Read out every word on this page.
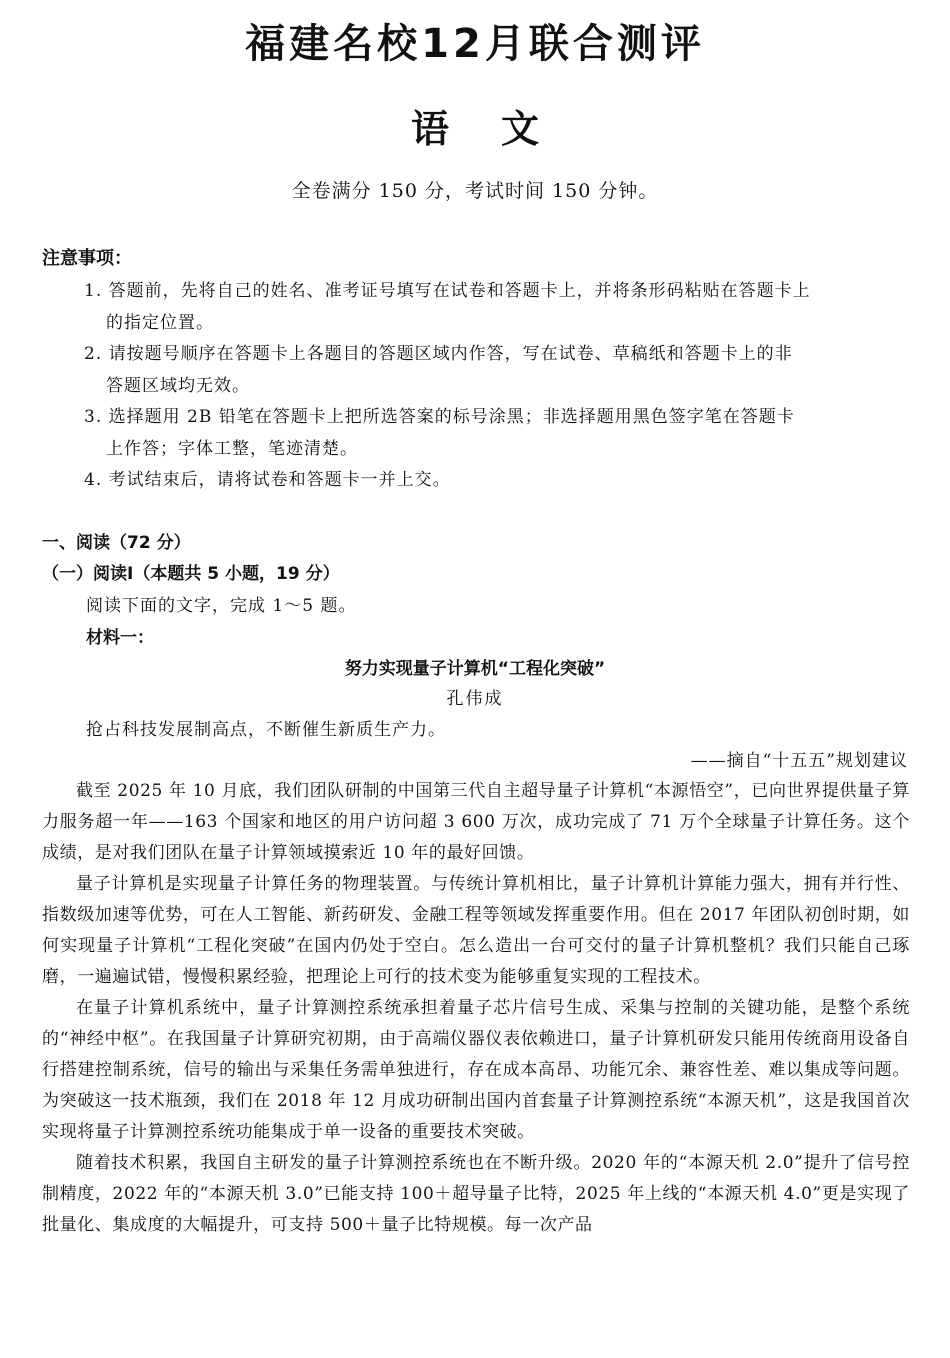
福建名校12月联合测评
语文
全卷满分 150 分，考试时间 150 分钟。
注意事项：
1. 答题前，先将自己的姓名、准考证号填写在试卷和答题卡上，并将条形码粘贴在答题卡上
的指定位置。
2. 请按题号顺序在答题卡上各题目的答题区域内作答，写在试卷、草稿纸和答题卡上的非
答题区域均无效。
3. 选择题用 2B 铅笔在答题卡上把所选答案的标号涂黑；非选择题用黑色签字笔在答题卡
上作答；字体工整，笔迹清楚。
4. 考试结束后，请将试卷和答题卡一并上交。
一、阅读（72 分）
（一）阅读Ⅰ（本题共 5 小题，19 分）
阅读下面的文字，完成 1～5 题。
材料一：
努力实现量子计算机“工程化突破”
孔伟成
抢占科技发展制高点，不断催生新质生产力。
——摘自“十五五”规划建议

截至 2025 年 10 月底，我们团队研制的中国第三代自主超导量子计算机“本源悟空”，已向世界提供量子算力服务超一年——163 个国家和地区的用户访问超 3 600 万次，成功完成了 71 万个全球量子计算任务。这个成绩，是对我们团队在量子计算领域摸索近 10 年的最好回馈。

量子计算机是实现量子计算任务的物理装置。与传统计算机相比，量子计算机计算能力强大，拥有并行性、指数级加速等优势，可在人工智能、新药研发、金融工程等领域发挥重要作用。但在 2017 年团队初创时期，如何实现量子计算机“工程化突破”在国内仍处于空白。怎么造出一台可交付的量子计算机整机？我们只能自己琢磨，一遍遍试错，慢慢积累经验，把理论上可行的技术变为能够重复实现的工程技术。

在量子计算机系统中，量子计算测控系统承担着量子芯片信号生成、采集与控制的关键功能，是整个系统的“神经中枢”。在我国量子计算研究初期，由于高端仪器仪表依赖进口，量子计算机研发只能用传统商用设备自行搭建控制系统，信号的输出与采集任务需单独进行，存在成本高昂、功能冗余、兼容性差、难以集成等问题。为突破这一技术瓶颈，我们在 2018 年 12 月成功研制出国内首套量子计算测控系统“本源天机”，这是我国首次实现将量子计算测控系统功能集成于单一设备的重要技术突破。

随着技术积累，我国自主研发的量子计算测控系统也在不断升级。2020 年的“本源天机 2.0”提升了信号控制精度，2022 年的“本源天机 3.0”已能支持 100＋超导量子比特，2025 年上线的“本源天机 4.0”更是实现了批量化、集成度的大幅提升，可支持 500＋量子比特规模。每一次产品
